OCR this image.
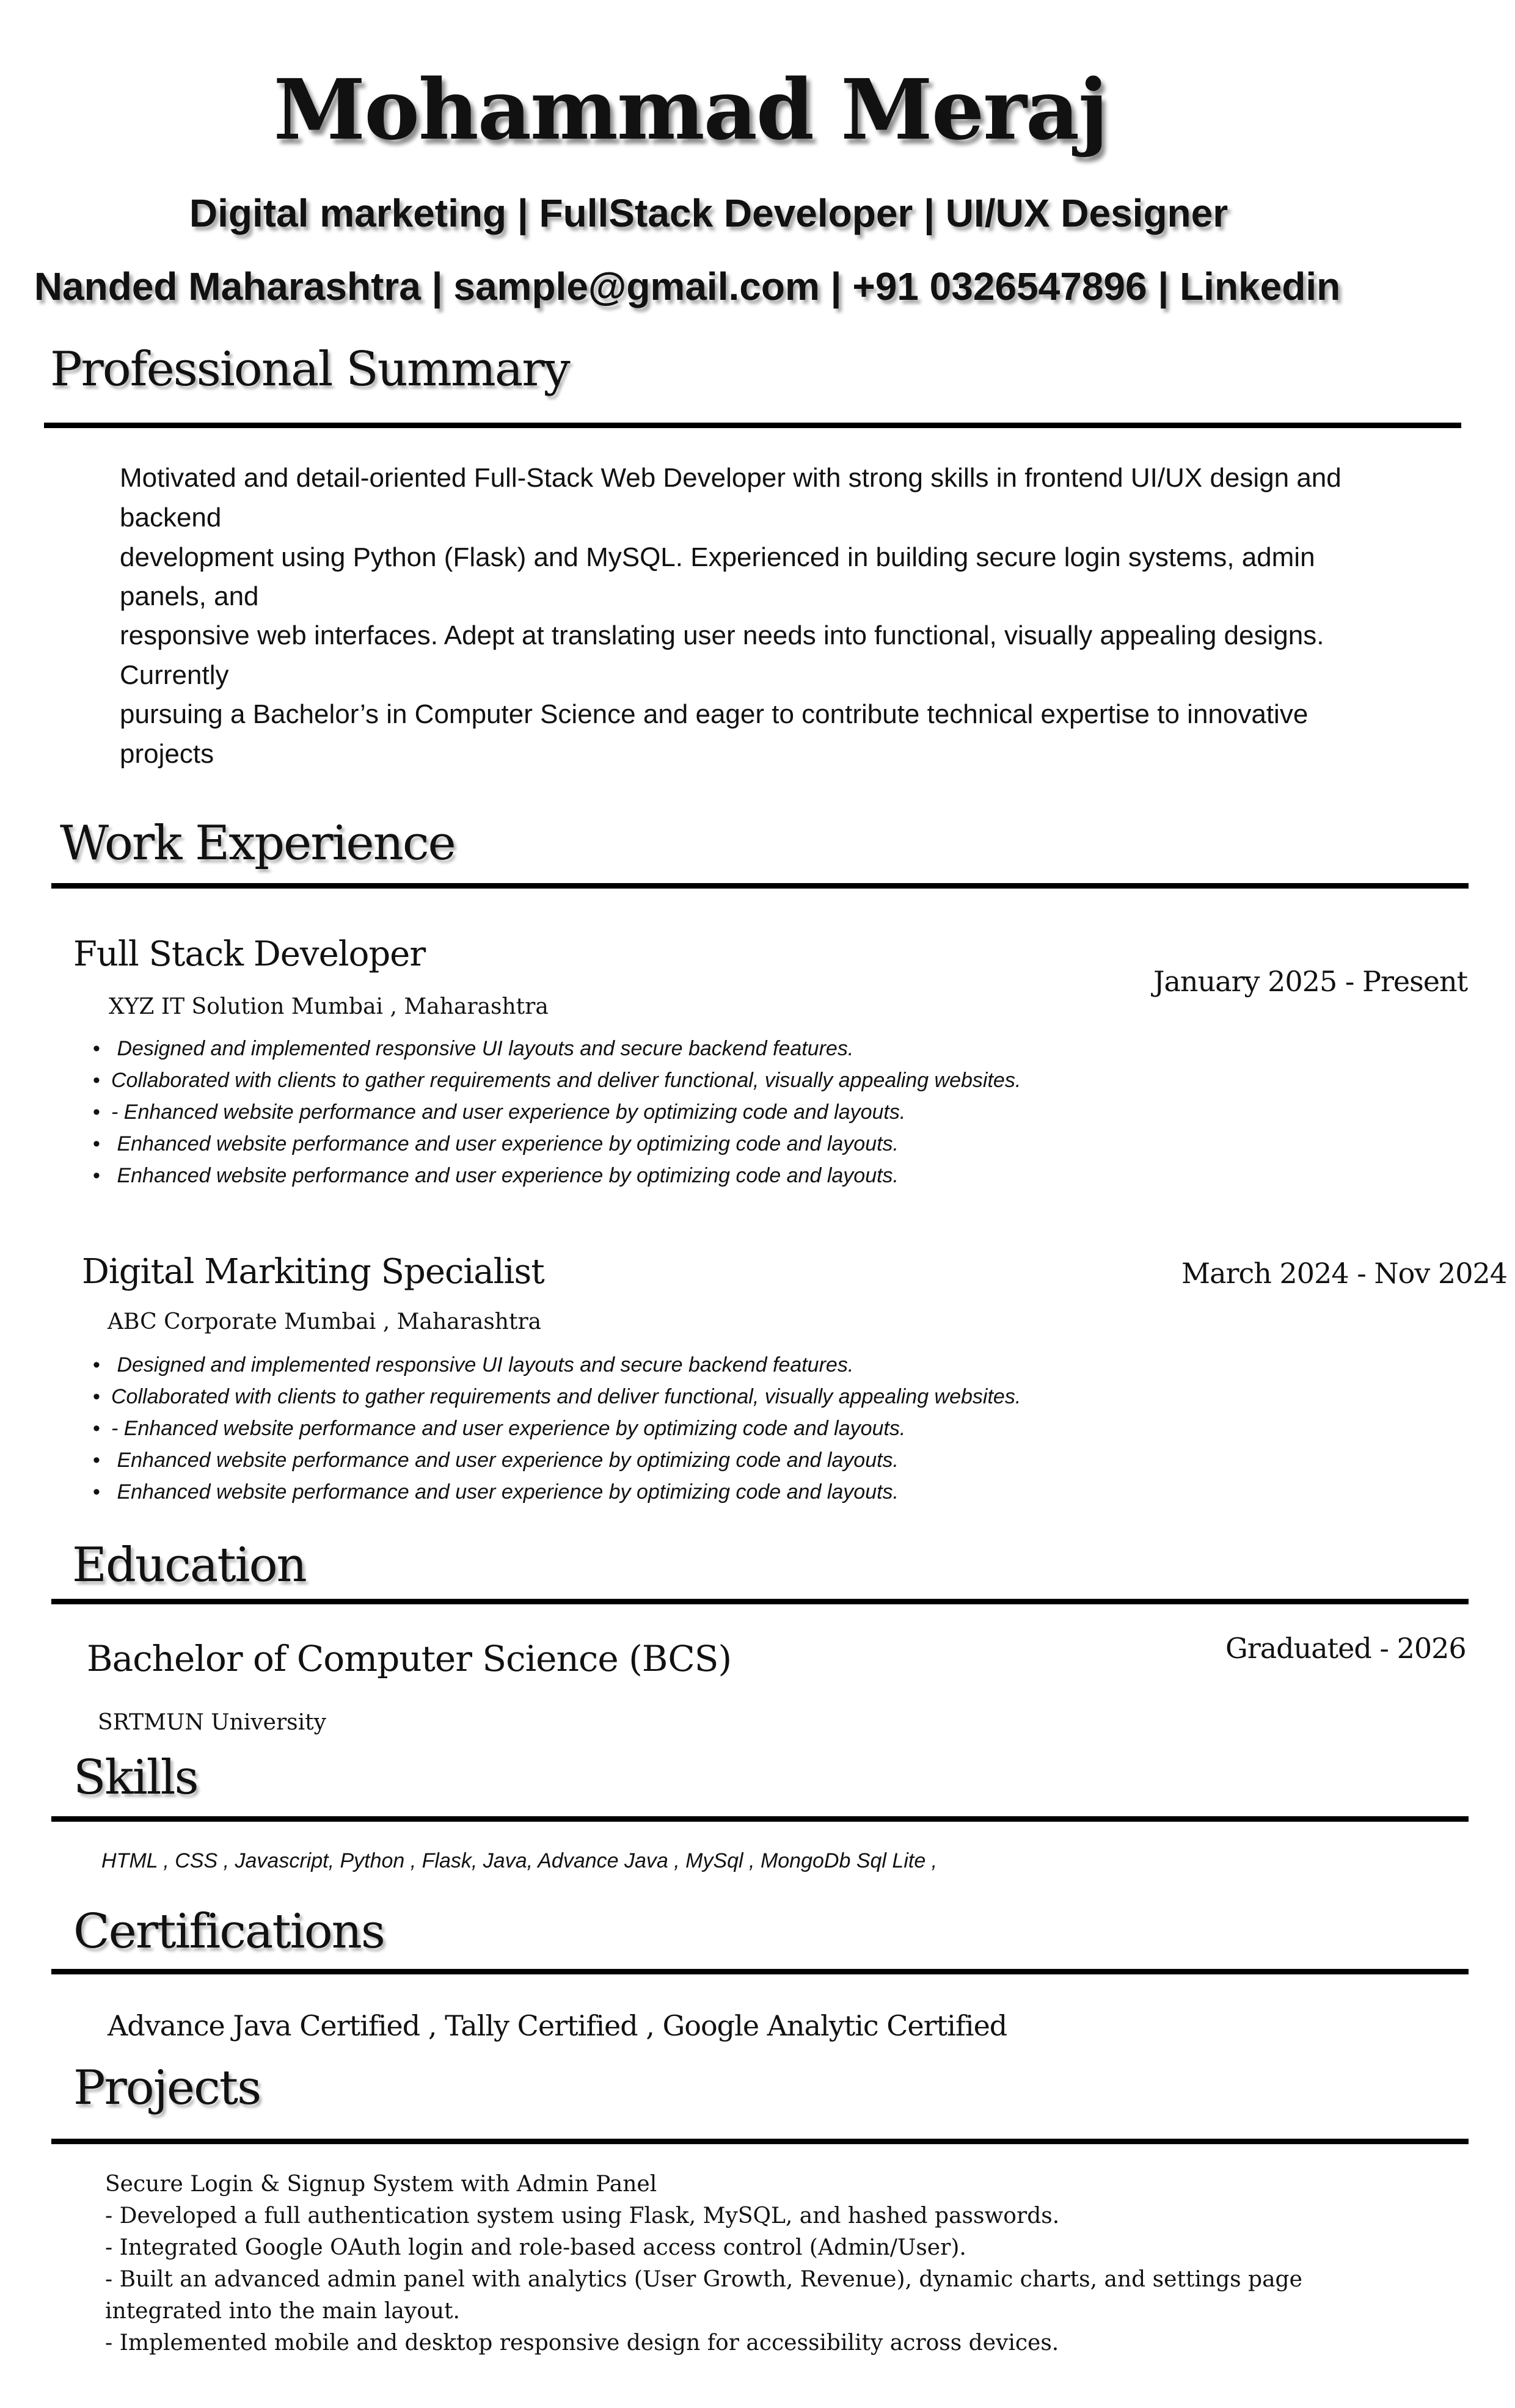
Mohammad Meraj
Digital marketing | FullStack Developer | UI/UX Designer
Nanded Maharashtra | sample@gmail.com | +91 0326547896 | Linkedin
Professional Summary
Motivated and detail-oriented Full-Stack Web Developer with strong skills in frontend UI/UX design and
backend
development using Python (Flask) and MySQL. Experienced in building secure login systems, admin
panels, and
responsive web interfaces. Adept at translating user needs into functional, visually appealing designs.
Currently
pursuing a Bachelor’s in Computer Science and eager to contribute technical expertise to innovative
projects
Work Experience
Full Stack Developer
XYZ IT Solution Mumbai , Maharashtra
January 2025 - Present
• Designed and implemented responsive UI layouts and secure backend features.
• Collaborated with clients to gather requirements and deliver functional, visually appealing websites.
• - Enhanced website performance and user experience by optimizing code and layouts.
• Enhanced website performance and user experience by optimizing code and layouts.
• Enhanced website performance and user experience by optimizing code and layouts.
Digital Markiting Specialist
ABC Corporate Mumbai , Maharashtra
March 2024 - Nov 2024
• Designed and implemented responsive UI layouts and secure backend features.
• Collaborated with clients to gather requirements and deliver functional, visually appealing websites.
• - Enhanced website performance and user experience by optimizing code and layouts.
• Enhanced website performance and user experience by optimizing code and layouts.
• Enhanced website performance and user experience by optimizing code and layouts.
Education
Bachelor of Computer Science (BCS)
SRTMUN University
Graduated - 2026
Skills
HTML , CSS , Javascript, Python , Flask, Java, Advance Java , MySql , MongoDb Sql Lite ,
Certifications
Advance Java Certified , Tally Certified , Google Analytic Certified
Projects
Secure Login & Signup System with Admin Panel
- Developed a full authentication system using Flask, MySQL, and hashed passwords.
- Integrated Google OAuth login and role-based access control (Admin/User).
- Built an advanced admin panel with analytics (User Growth, Revenue), dynamic charts, and settings page
integrated into the main layout.
- Implemented mobile and desktop responsive design for accessibility across devices.
